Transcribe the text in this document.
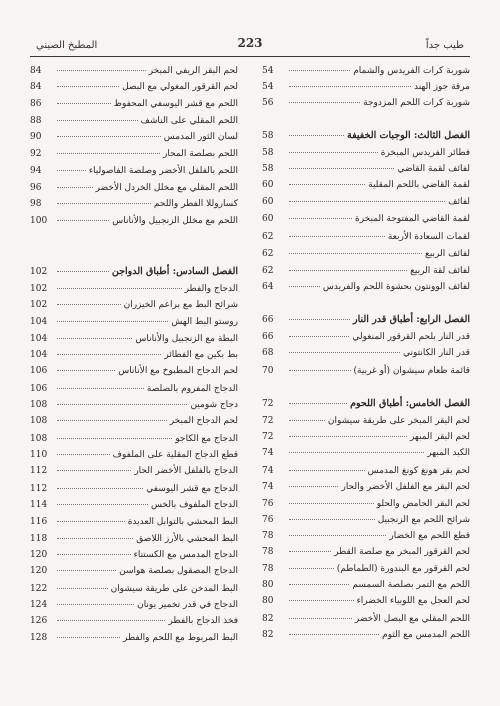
المطبخ الصيني	223	طيب جداً
شوربة كرات الفريدس والشمام
54
مرقة جوز الهند
54
شوربة كرات اللحم المزدوجة
56
الفصل الثالث: الوجبات الخفيفة
58
فطائر الفريدس المبخرة
58
لفائف لقمة القاضي
58
لقمة القاضي باللحم المقلية
60
لفائف
60
لقمة القاضي المفتوحة المبخرة
60
لقمات السعادة الأربعة
62
لفائف الربيع
62
لفائف لقة الربيع
62
لفائف الوونتون بحشوة اللحم والفريدس
64
الفصل الرابع: أطباق قدر النار
66
قدر النار بلحم القرقور المنغولي
66
قدر النار الكانتوني
68
قائمة طعام سيشوان (أو غربية)
70
الفصل الخامس: أطباق اللحوم
72
لحم البقر المبخر على طريقة سيشوان
72
لحم البقر المبهر
72
الكبد المبهر
74
لحم بقر هونغ كونغ المدمس
74
لحم البقر مع الفلفل الأخضر والحار
74
لحم البقر الحامض والحلو
76
شرائح اللحم مع الزنجبيل
76
قطع اللحم مع الخضار
78
لحم القرقور المبخر مع صلصة القطر
78
لحم القرقور مع البندورة (الطماطم)
78
اللحم مع التمر بصلصة السمسم
80
لحم العجل مع اللوبياء الخضراء
80
اللحم المقلي مع البصل الأخضر
82
اللحم المدمس مع الثوم
82
لحم البقر الريفي المبخر
84
لحم القرقور المغولي مع البصل
84
اللحم مع قشر اليوسفي المحفوظ
86
اللحم المقلي على الناشف
88
لسان الثور المدمس
90
اللحم بصلصة المحار
92
اللحم بالفلفل الأخضر وصلصة الفاصولياء
94
اللحم المقلي مع مخلل الخردل الأخضر
96
كساروللا الفطر واللحم
98
اللحم مع مخلل الزنجبيل والأناناس
100
الفصل السادس: أطباق الدواجن
102
الدجاج والفطر
102
شرائح البط مع براعم الخيزران
102
روستو البط الهش
104
البطة مع الزنجبيل والأناناس
104
بط بكين مع الفطائر
104
لحم الدجاج المطبوخ مع الأناناس
106
الدجاج المفروم بالصلصة
106
دجاج شومين
108
لحم الدجاج المبخر
108
الدجاج مع الكاجو
108
قطع الدجاج المقلية على الملفوف
110
الدجاج بالفلفل الأخضر الحار
112
الدجاج مع قشر اليوسفي
112
الدجاج الملفوف بالخس
114
البط المحشي بالتوابل العديدة
116
البط المحشي بالأرز اللاصق
118
الدجاج المدمس مع الكستناء
120
الدجاج المصقول بصلصة هواسن
120
البط المدخن على طريقة سيشوان
122
الدجاج في قدر تخمير يونان
124
فخذ الدجاج بالفطر
126
البط المربوط مع اللحم والفطر
128
